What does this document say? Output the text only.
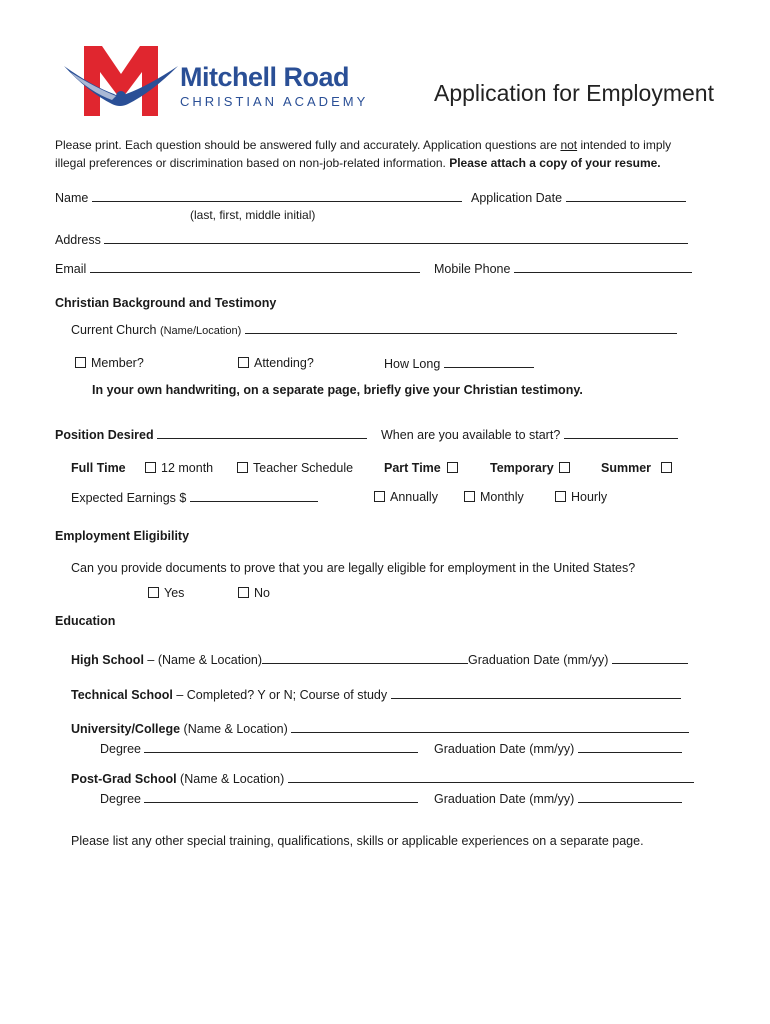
Mitchell Road
CHRISTIAN ACADEMY	Application for Employment
Please print. Each question should be answered fully and accurately. Application questions are not intended to imply
illegal preferences or discrimination based on non-job-related information. Please attach a copy of your resume.
Name	Application Date
(last, first, middle initial)
Address
Email	Mobile Phone
Christian Background and Testimony
Current Church (Name/Location)
Member?	Attending?	How Long
In your own handwriting, on a separate page, briefly give your Christian testimony.
Position Desired	When are you available to start?
Full Time	12 month	Teacher Schedule Part Time	Temporary	Summer
Expected Earnings $	Annually	Monthly	Hourly
Employment Eligibility
Can you provide documents to prove that you are legally eligible for employment in the United States?
Yes	No
Education
High School – (Name & Location)	Graduation Date (mm/yy)
Technical School – Completed? Y or N; Course of study
University/College (Name & Location)
Degree	Graduation Date (mm/yy)
Post-Grad School (Name & Location)
Degree	Graduation Date (mm/yy)
Please list any other special training, qualifications, skills or applicable experiences on a separate page.
